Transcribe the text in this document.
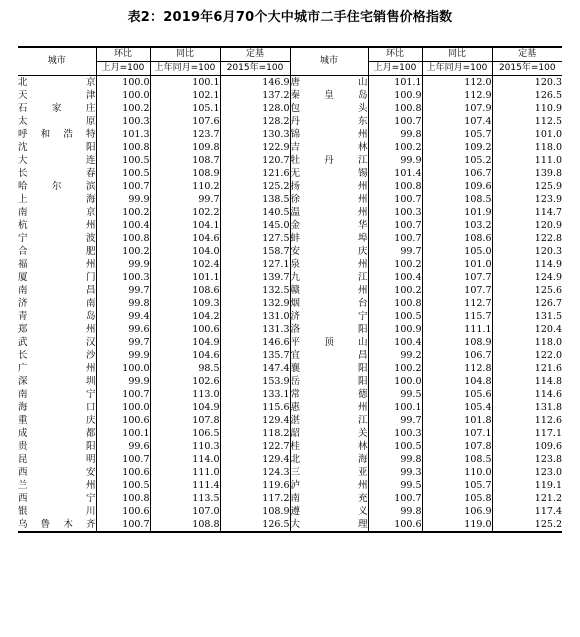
表2：2019年6月70个大中城市二手住宅销售价格指数
城市	环比	同比	定基	城市	环比	同比	定基
	上月=100	上年同月=100	2015年=100		上月=100	上年同月=100	2015年=100
北　京	100.0	100.1	146.9	唐　山	101.1	112.0	120.3
天　津	100.0	102.1	137.2	秦皇岛	100.9	112.9	126.5
石家庄	100.2	105.1	128.0	包　头	100.8	107.9	110.9
太　原	100.3	107.6	128.2	丹　东	100.7	107.4	112.5
呼和浩特	101.3	123.7	130.3	锦　州	99.8	105.7	101.0
沈　阳	100.8	109.8	122.9	吉　林	100.2	109.2	118.0
大　连	100.5	108.7	120.7	牡丹江	99.9	105.2	111.0
长　春	100.5	108.9	121.6	无　锡	101.4	106.7	139.8
哈尔滨	100.7	110.2	125.2	扬　州	100.8	109.6	125.9
上　海	99.9	99.7	138.5	徐　州	100.7	108.5	123.9
南　京	100.2	102.2	140.5	温　州	100.3	101.9	114.7
杭　州	100.4	104.1	145.0	金　华	100.7	103.2	120.9
宁　波	100.8	104.6	127.5	蚌　埠	100.7	108.6	122.8
合　肥	100.2	104.0	158.7	安　庆	99.7	105.0	120.3
福　州	99.9	102.4	127.1	泉　州	100.2	101.0	114.9
厦　门	100.3	101.1	139.7	九　江	100.4	107.7	124.9
南　昌	99.7	108.6	132.5	赣　州	100.2	107.7	125.6
济　南	99.8	109.3	132.9	烟　台	100.8	112.7	126.7
青　岛	99.4	104.2	131.0	济　宁	100.5	115.7	131.5
郑　州	99.6	100.6	131.3	洛　阳	100.9	111.1	120.4
武　汉	99.7	104.9	146.6	平顶山	100.4	108.9	118.0
长　沙	99.9	104.6	135.7	宜　昌	99.2	106.7	122.0
广　州	100.0	98.5	147.4	襄　阳	100.2	112.8	121.6
深　圳	99.9	102.6	153.9	岳　阳	100.0	104.8	114.8
南　宁	100.7	113.0	133.1	常　德	99.5	105.6	114.6
海　口	100.0	104.9	115.6	惠　州	100.1	105.4	131.8
重　庆	100.6	107.8	129.4	湛　江	99.7	101.8	112.6
成　都	100.1	106.5	118.2	韶　关	100.3	107.1	117.1
贵　阳	99.6	110.3	122.7	桂　林	100.5	107.8	109.6
昆　明	100.7	114.0	129.4	北　海	99.8	108.5	123.8
西　安	100.6	111.0	124.3	三　亚	99.3	110.0	123.0
兰　州	100.5	111.4	119.6	泸　州	99.5	105.7	119.1
西　宁	100.8	113.5	117.2	南　充	100.7	105.8	121.2
银　川	100.6	107.0	108.9	遵　义	99.8	106.9	117.4
乌鲁木齐	100.7	108.8	126.5	大　理	100.6	119.0	125.2
